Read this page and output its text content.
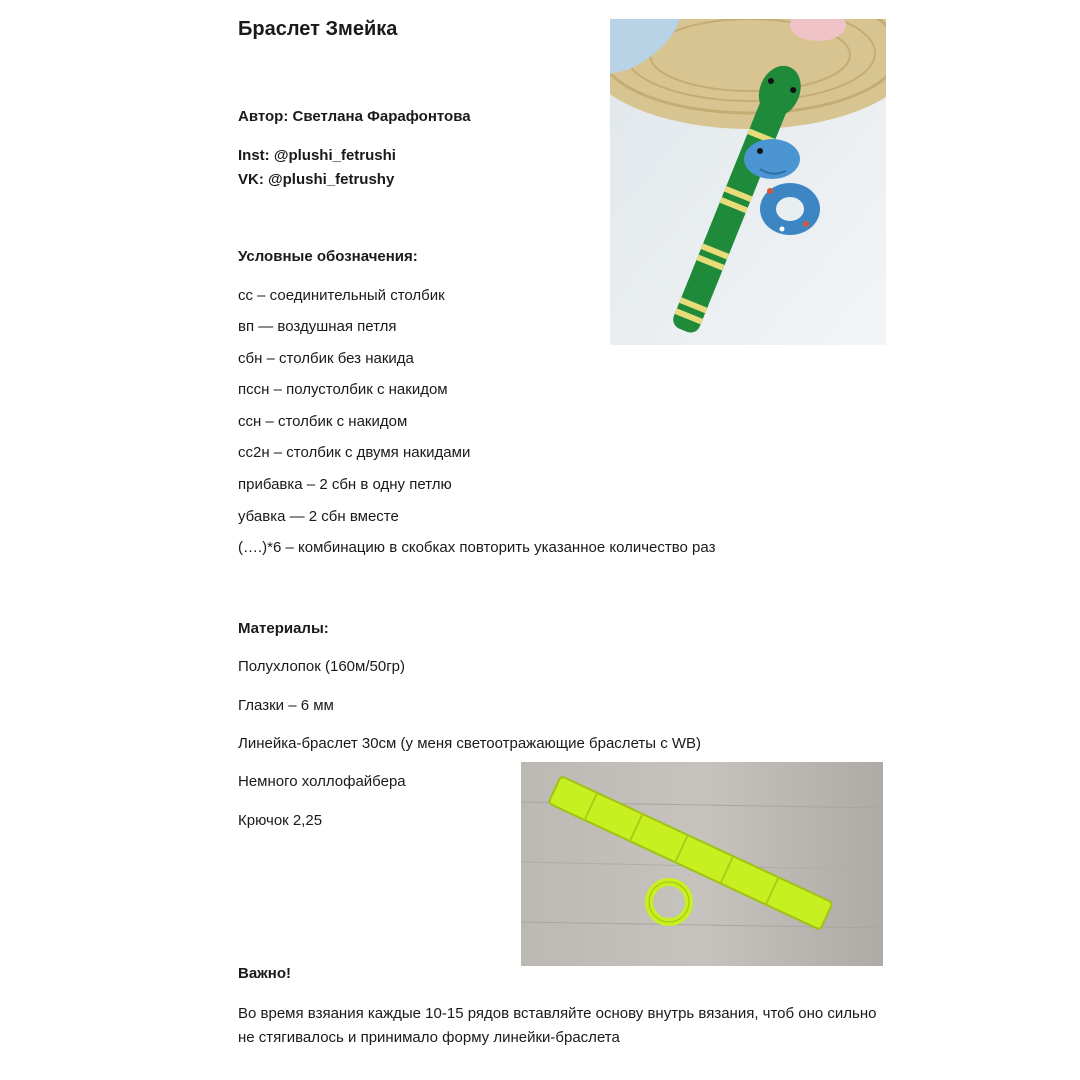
Браслет Змейка
Автор: Светлана Фарафонтова
Inst: @plushi_fetrushi
VK: @plushi_fetrushy
Условные обозначения:
сс – соединительный столбик
вп — воздушная петля
сбн – столбик без накида
пссн – полустолбик с накидом
ссн – столбик с накидом
сс2н – столбик с двумя накидами
прибавка – 2 сбн в одну петлю
убавка — 2 сбн вместе
(….)*6 – комбинацию в скобках повторить указанное количество раз
Материалы:
Полухлопок (160м/50гр)
Глазки – 6 мм
Линейка-браслет 30см (у меня светоотражающие браслеты с WB)
Немного холлофайбера
Крючок 2,25
Важно!
Во время взяания каждые 10-15 рядов вставляйте основу внутрь вязания, чтоб оно сильно
не стягивалось и принимало форму линейки-браслета
